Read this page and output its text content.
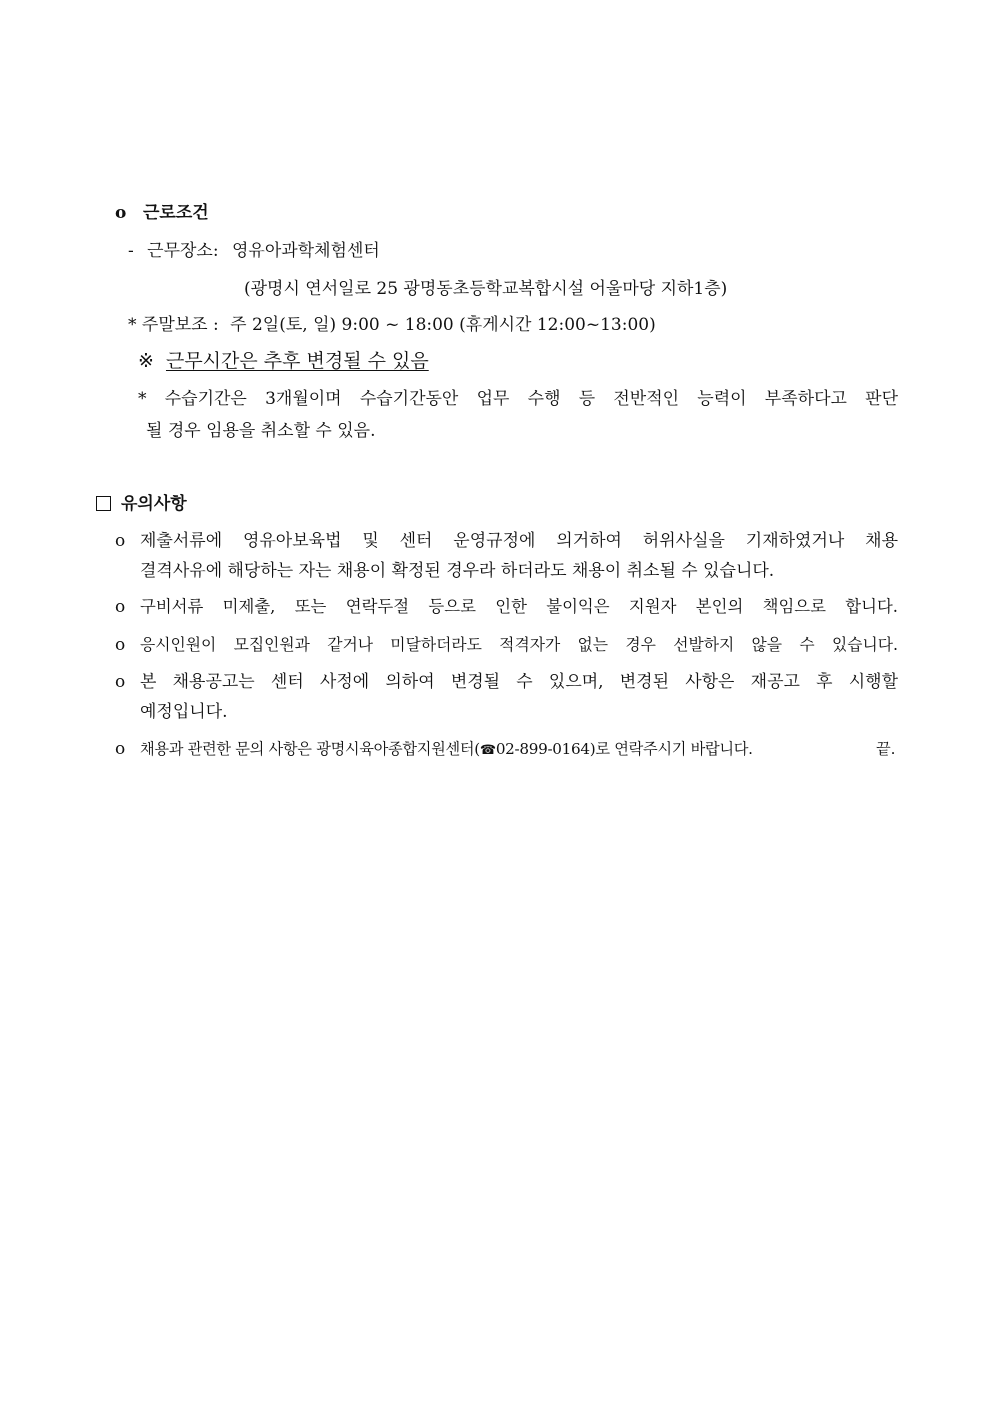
o 근로조건
- 근무장소: 영유아과학체험센터
(광명시 연서일로 25 광명동초등학교복합시설 어울마당 지하1층)
* 주말보조 : 주 2일(토, 일) 9:00 ~ 18:00 (휴게시간 12:00~13:00)
※ 근무시간은 추후 변경될 수 있음
* 수습기간은 3개월이며 수습기간동안 업무 수행 등 전반적인 능력이 부족하다고 판단
될 경우 임용을 취소할 수 있음.
유의사항
o 제출서류에 영유아보육법 및 센터 운영규정에 의거하여 허위사실을 기재하였거나 채용
결격사유에 해당하는 자는 채용이 확정된 경우라 하더라도 채용이 취소될 수 있습니다.
o 구비서류 미제출, 또는 연락두절 등으로 인한 불이익은 지원자 본인의 책임으로 합니다.
o 응시인원이 모집인원과 같거나 미달하더라도 적격자가 없는 경우 선발하지 않을 수 있습니다.
o 본 채용공고는 센터 사정에 의하여 변경될 수 있으며, 변경된 사항은 재공고 후 시행할
예정입니다.
o 채용과 관련한 문의 사항은 광명시육아종합지원센터(☎02-899-0164)로 연락주시기 바랍니다.	끝.
